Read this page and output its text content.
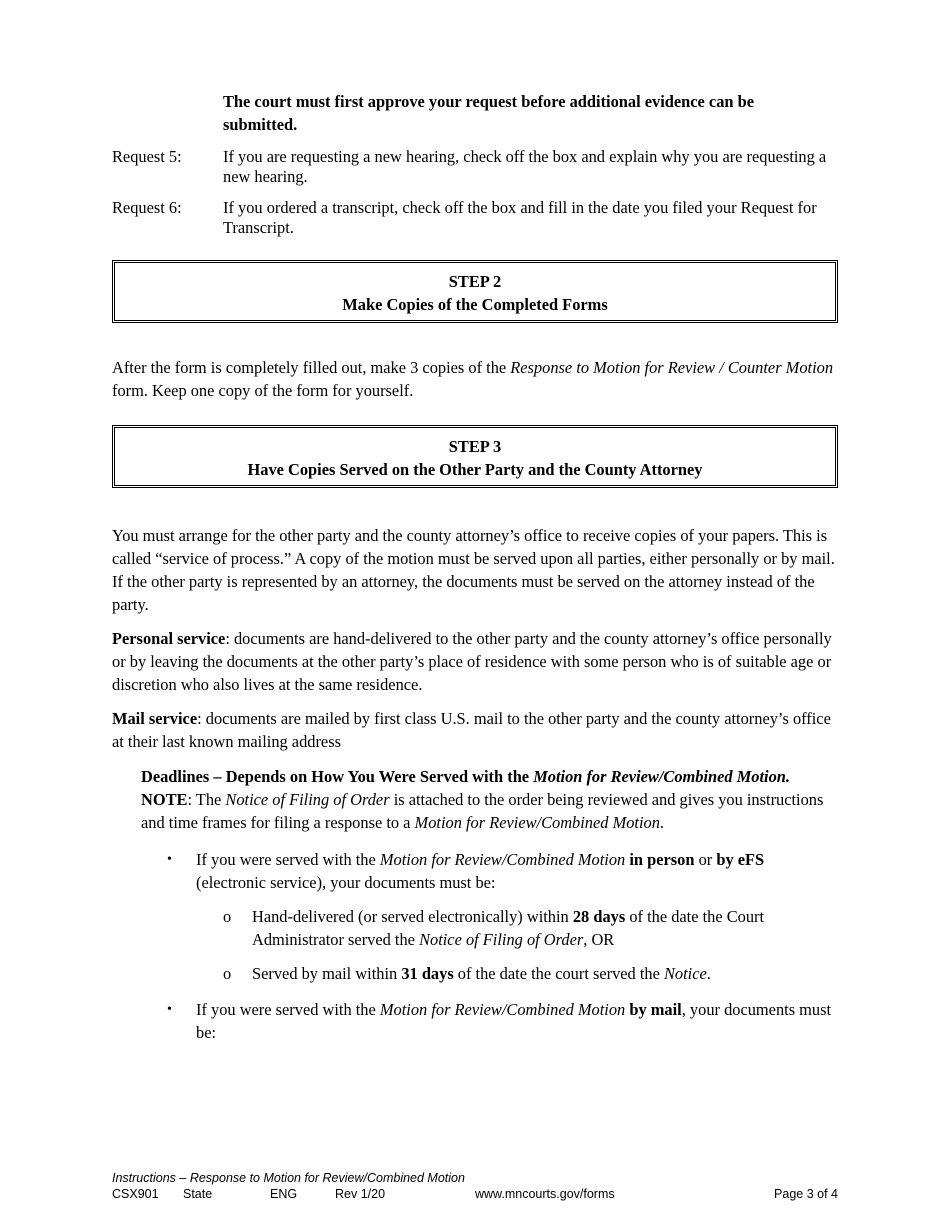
The court must first approve your request before additional evidence can be
submitted.

Request 5:	If you are requesting a new hearing, check off the box and explain why you are requesting a new hearing.
Request 6:	If you ordered a transcript, check off the box and fill in the date you filed your Request for Transcript.
STEP 2
Make Copies of the Completed Forms

After the form is completely filled out, make 3 copies of the Response to Motion for Review / Counter Motion form. Keep one copy of the form for yourself.

STEP 3
Have Copies Served on the Other Party and the County Attorney

You must arrange for the other party and the county attorney’s office to receive copies of your papers. This is called “service of process.” A copy of the motion must be served upon all parties, either personally or by mail. If the other party is represented by an attorney, the documents must be served on the attorney instead of the party.

Personal service: documents are hand-delivered to the other party and the county attorney’s office personally or by leaving the documents at the other party’s place of residence with some person who is of suitable age or discretion who also lives at the same residence.

Mail service: documents are mailed by first class U.S. mail to the other party and the county attorney’s office at their last known mailing address

Deadlines – Depends on How You Were Served with the Motion for Review/Combined Motion.  NOTE: The Notice of Filing of Order is attached to the order being reviewed and gives you instructions and time frames for filing a response to a Motion for Review/Combined Motion.

•	If you were served with the Motion for Review/Combined Motion in person or by eFS (electronic service), your documents must be:

o	Hand-delivered (or served electronically) within 28 days of the date the Court Administrator served the Notice of Filing of Order, OR

o	Served by mail within 31 days of the date the court served the Notice.

•	If you were served with the Motion for Review/Combined Motion by mail, your documents must be:

Instructions – Response to Motion for Review/Combined Motion
CSX901	State	ENG	Rev 1/20	www.mncourts.gov/forms	Page 3 of 4
